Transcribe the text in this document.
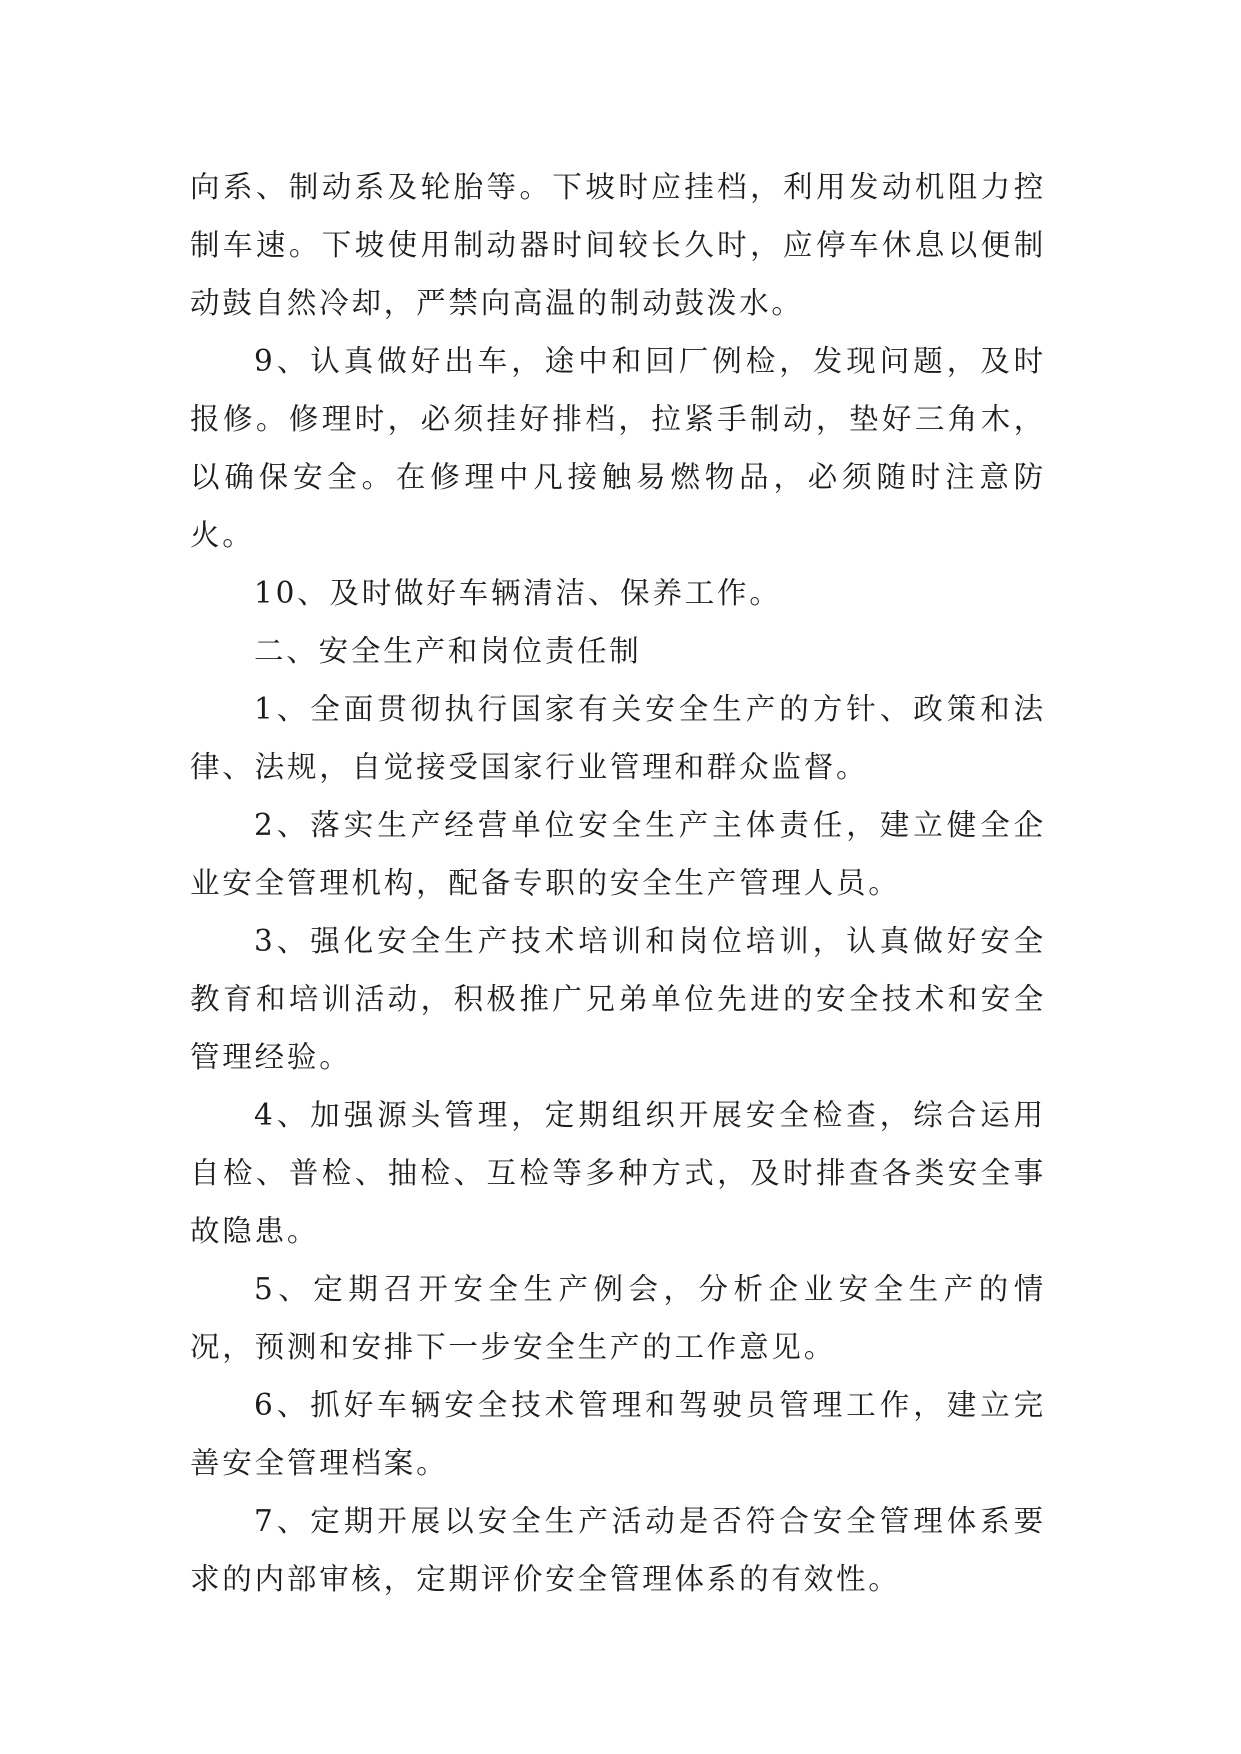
向系、制动系及轮胎等。下坡时应挂档，利用发动机阻力控制车速。下坡使用制动器时间较长久时，应停车休息以便制动鼓自然冷却，严禁向高温的制动鼓泼水。

9、认真做好出车，途中和回厂例检，发现问题，及时报修。修理时，必须挂好排档，拉紧手制动，垫好三角木，以确保安全。在修理中凡接触易燃物品，必须随时注意防火。

10、及时做好车辆清洁、保养工作。

二、安全生产和岗位责任制

1、全面贯彻执行国家有关安全生产的方针、政策和法律、法规，自觉接受国家行业管理和群众监督。

2、落实生产经营单位安全生产主体责任，建立健全企业安全管理机构，配备专职的安全生产管理人员。

3、强化安全生产技术培训和岗位培训，认真做好安全教育和培训活动，积极推广兄弟单位先进的安全技术和安全管理经验。

4、加强源头管理，定期组织开展安全检查，综合运用自检、普检、抽检、互检等多种方式，及时排查各类安全事故隐患。

5、定期召开安全生产例会，分析企业安全生产的情况，预测和安排下一步安全生产的工作意见。

6、抓好车辆安全技术管理和驾驶员管理工作，建立完善安全管理档案。

7、定期开展以安全生产活动是否符合安全管理体系要求的内部审核，定期评价安全管理体系的有效性。
